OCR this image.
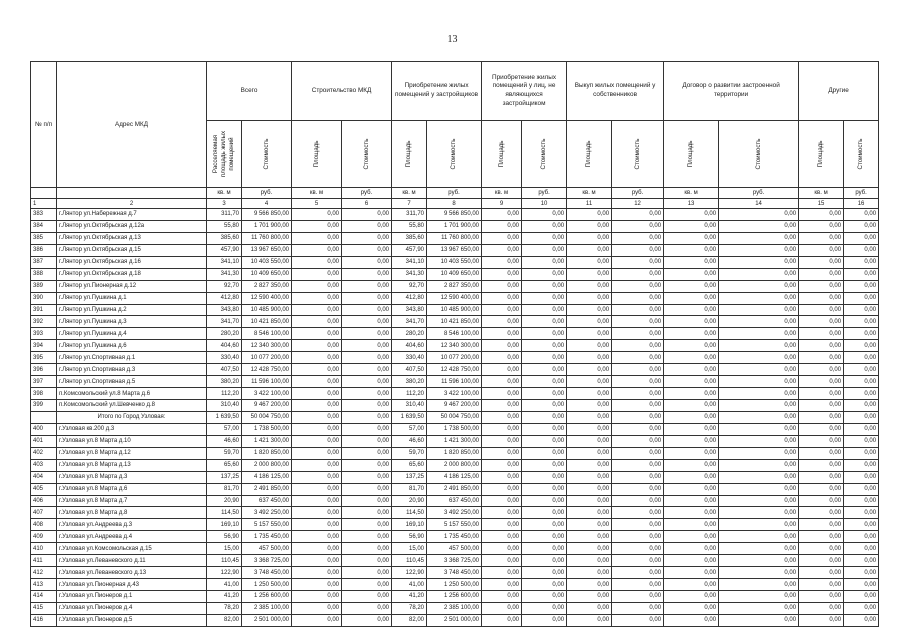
13
№ п/п	Адрес МКД	Всего		Строительство МКД		Приобретение жилых помещений у застройщиков		Приобретение жилых помещений у лиц, не являющихся застройщиком		Выкуп жилых помещений у собственников		Договор о развитии застроенной территории		Другие	

		Расселяемая площадь жилых помещений	Стоимость	Площадь	Стоимость	Площадь	Стоимость	Площадь	Стоимость	Площадь	Стоимость	Площадь	Стоимость	Площадь	Стоимость

		кв. м	руб.	кв. м	руб.	кв. м	руб.	кв. м	руб.	кв. м	руб.	кв. м	руб.	кв. м	руб.
1	2	3	4	5	6	7	8	9	10	11	12	13	14	15	16
383	г.Лянтор ул.Набережная д.7	311,70	9 566 850,00	0,00	0,00	311,70	9 566 850,00	0,00	0,00	0,00	0,00	0,00	0,00	0,00	0,00
384	г.Лянтор ул.Октябрьская д.12а	55,80	1 701 900,00	0,00	0,00	55,80	1 701 900,00	0,00	0,00	0,00	0,00	0,00	0,00	0,00	0,00
385	г.Лянтор ул.Октябрьская д.13	385,60	11 760 800,00	0,00	0,00	385,60	11 760 800,00	0,00	0,00	0,00	0,00	0,00	0,00	0,00	0,00
386	г.Лянтор ул.Октябрьская д.15	457,90	13 967 650,00	0,00	0,00	457,90	13 967 650,00	0,00	0,00	0,00	0,00	0,00	0,00	0,00	0,00
387	г.Лянтор ул.Октябрьская д.16	341,10	10 403 550,00	0,00	0,00	341,10	10 403 550,00	0,00	0,00	0,00	0,00	0,00	0,00	0,00	0,00
388	г.Лянтор ул.Октябрьская д.18	341,30	10 409 650,00	0,00	0,00	341,30	10 409 650,00	0,00	0,00	0,00	0,00	0,00	0,00	0,00	0,00
389	г.Лянтор ул.Пионерная д.12	92,70	2 827 350,00	0,00	0,00	92,70	2 827 350,00	0,00	0,00	0,00	0,00	0,00	0,00	0,00	0,00
390	г.Лянтор ул.Пушкина д.1	412,80	12 590 400,00	0,00	0,00	412,80	12 590 400,00	0,00	0,00	0,00	0,00	0,00	0,00	0,00	0,00
391	г.Лянтор ул.Пушкина д.2	343,80	10 485 900,00	0,00	0,00	343,80	10 485 900,00	0,00	0,00	0,00	0,00	0,00	0,00	0,00	0,00
392	г.Лянтор ул.Пушкина д.3	341,70	10 421 850,00	0,00	0,00	341,70	10 421 850,00	0,00	0,00	0,00	0,00	0,00	0,00	0,00	0,00
393	г.Лянтор ул.Пушкина д.4	280,20	8 546 100,00	0,00	0,00	280,20	8 546 100,00	0,00	0,00	0,00	0,00	0,00	0,00	0,00	0,00
394	г.Лянтор ул.Пушкина д.6	404,60	12 340 300,00	0,00	0,00	404,60	12 340 300,00	0,00	0,00	0,00	0,00	0,00	0,00	0,00	0,00
395	г.Лянтор ул.Спортивная д.1	330,40	10 077 200,00	0,00	0,00	330,40	10 077 200,00	0,00	0,00	0,00	0,00	0,00	0,00	0,00	0,00
396	г.Лянтор ул.Спортивная д.3	407,50	12 428 750,00	0,00	0,00	407,50	12 428 750,00	0,00	0,00	0,00	0,00	0,00	0,00	0,00	0,00
397	г.Лянтор ул.Спортивная д.5	380,20	11 596 100,00	0,00	0,00	380,20	11 596 100,00	0,00	0,00	0,00	0,00	0,00	0,00	0,00	0,00
398	п.Комсомольский ул.8 Марта д.6	112,20	3 422 100,00	0,00	0,00	112,20	3 422 100,00	0,00	0,00	0,00	0,00	0,00	0,00	0,00	0,00
399	п.Комсомольский ул.Шевченко д.8	310,40	9 467 200,00	0,00	0,00	310,40	9 467 200,00	0,00	0,00	0,00	0,00	0,00	0,00	0,00	0,00
	Итого по Город Узловая:	1 639,50	50 004 750,00	0,00	0,00	1 639,50	50 004 750,00	0,00	0,00	0,00	0,00	0,00	0,00	0,00	0,00
400	г.Узловая кв.200 д.3	57,00	1 738 500,00	0,00	0,00	57,00	1 738 500,00	0,00	0,00	0,00	0,00	0,00	0,00	0,00	0,00
401	г.Узловая ул.8 Марта д.10	46,60	1 421 300,00	0,00	0,00	46,60	1 421 300,00	0,00	0,00	0,00	0,00	0,00	0,00	0,00	0,00
402	г.Узловая ул.8 Марта д.12	59,70	1 820 850,00	0,00	0,00	59,70	1 820 850,00	0,00	0,00	0,00	0,00	0,00	0,00	0,00	0,00
403	г.Узловая ул.8 Марта д.13	65,60	2 000 800,00	0,00	0,00	65,60	2 000 800,00	0,00	0,00	0,00	0,00	0,00	0,00	0,00	0,00
404	г.Узловая ул.8 Марта д.3	137,25	4 186 125,00	0,00	0,00	137,25	4 186 125,00	0,00	0,00	0,00	0,00	0,00	0,00	0,00	0,00
405	г.Узловая ул.8 Марта д.6	81,70	2 491 850,00	0,00	0,00	81,70	2 491 850,00	0,00	0,00	0,00	0,00	0,00	0,00	0,00	0,00
406	г.Узловая ул.8 Марта д.7	20,90	637 450,00	0,00	0,00	20,90	637 450,00	0,00	0,00	0,00	0,00	0,00	0,00	0,00	0,00
407	г.Узловая ул.8 Марта д.8	114,50	3 492 250,00	0,00	0,00	114,50	3 492 250,00	0,00	0,00	0,00	0,00	0,00	0,00	0,00	0,00
408	г.Узловая ул.Андреева д.3	169,10	5 157 550,00	0,00	0,00	169,10	5 157 550,00	0,00	0,00	0,00	0,00	0,00	0,00	0,00	0,00
409	г.Узловая ул.Андреева д.4	56,90	1 735 450,00	0,00	0,00	56,90	1 735 450,00	0,00	0,00	0,00	0,00	0,00	0,00	0,00	0,00
410	г.Узловая ул.Комсомольская д.15	15,00	457 500,00	0,00	0,00	15,00	457 500,00	0,00	0,00	0,00	0,00	0,00	0,00	0,00	0,00
411	г.Узловая ул.Леваневского д.11	110,45	3 368 725,00	0,00	0,00	110,45	3 368 725,00	0,00	0,00	0,00	0,00	0,00	0,00	0,00	0,00
412	г.Узловая ул.Леваневского д.13	122,90	3 748 450,00	0,00	0,00	122,90	3 748 450,00	0,00	0,00	0,00	0,00	0,00	0,00	0,00	0,00
413	г.Узловая ул.Пионерная д.43	41,00	1 250 500,00	0,00	0,00	41,00	1 250 500,00	0,00	0,00	0,00	0,00	0,00	0,00	0,00	0,00
414	г.Узловая ул.Пионеров д.1	41,20	1 256 600,00	0,00	0,00	41,20	1 256 600,00	0,00	0,00	0,00	0,00	0,00	0,00	0,00	0,00
415	г.Узловая ул.Пионеров д.4	78,20	2 385 100,00	0,00	0,00	78,20	2 385 100,00	0,00	0,00	0,00	0,00	0,00	0,00	0,00	0,00
416	г.Узловая ул.Пионеров д.5	82,00	2 501 000,00	0,00	0,00	82,00	2 501 000,00	0,00	0,00	0,00	0,00	0,00	0,00	0,00	0,00
